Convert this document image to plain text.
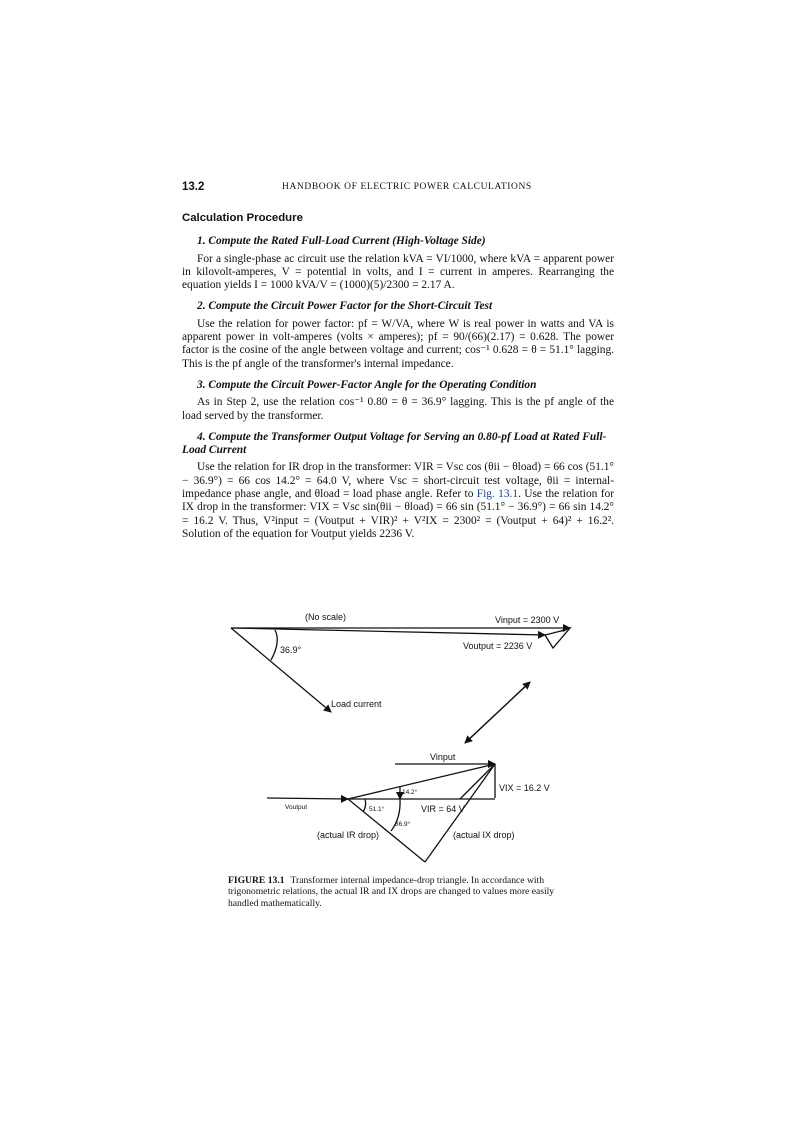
13.2	HANDBOOK OF ELECTRIC POWER CALCULATIONS
Calculation Procedure
1. Compute the Rated Full-Load Current (High-Voltage Side)
For a single-phase ac circuit use the relation kVA = VI/1000, where kVA = apparent power in kilovolt-amperes, V = potential in volts, and I = current in amperes. Rearranging the equation yields I = 1000 kVA/V = (1000)(5)/2300 = 2.17 A.
2. Compute the Circuit Power Factor for the Short-Circuit Test
Use the relation for power factor: pf = W/VA, where W is real power in watts and VA is apparent power in volt-amperes (volts × amperes); pf = 90/(66)(2.17) = 0.628. The power factor is the cosine of the angle between voltage and current; cos⁻¹ 0.628 = θ = 51.1° lagging. This is the pf angle of the transformer's internal impedance.
3. Compute the Circuit Power-Factor Angle for the Operating Condition
As in Step 2, use the relation cos⁻¹ 0.80 = θ = 36.9° lagging. This is the pf angle of the load served by the transformer.
4. Compute the Transformer Output Voltage for Serving an 0.80-pf Load at Rated Full-Load Current
Use the relation for IR drop in the transformer: VIR = Vsc cos (θii − θload) = 66 cos (51.1° − 36.9°) = 66 cos 14.2° = 64.0 V, where Vsc = short-circuit test voltage, θii = internal-impedance phase angle, and θload = load phase angle. Refer to Fig. 13.1. Use the relation for IX drop in the transformer: VIX = Vsc sin(θii − θload) = 66 sin (51.1° − 36.9°) = 66 sin 14.2° = 16.2 V. Thus, V²input = (Voutput + VIR)² + V²IX = 2300² = (Voutput + 64)² + 16.2². Solution of the equation for Voutput yields 2236 V.
(No scale)	Vinput = 2300 V
Voutput = 2236 V
36.9°
Load current
Vinput
VIX = 16.2 V
14.2°
Voutput	51.1°	VIR = 64 V
36.9°
(actual IR drop)	(actual IX drop)
FIGURE 13.1 Transformer internal impedance-drop triangle. In accordance with trigonometric relations, the actual IR and IX drops are changed to values more easily handled mathematically.
